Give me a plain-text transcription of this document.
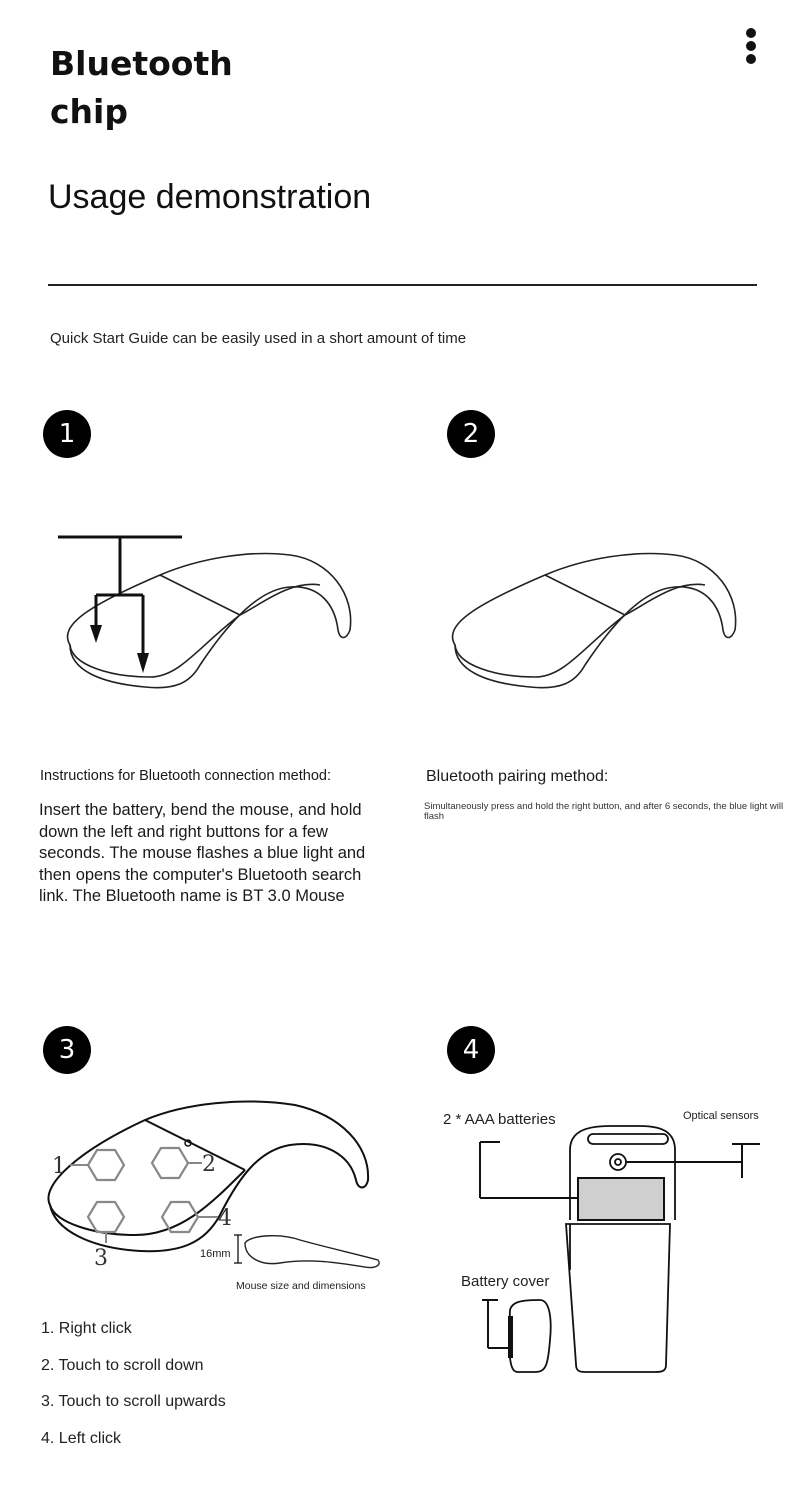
Bluetooth chip
Usage demonstration
Quick Start Guide can be easily used in a short amount of time
1	2
3	4
Instructions for Bluetooth connection method:
Insert the battery, bend the mouse, and hold down the left and right buttons for a few seconds. The mouse flashes a blue light and then opens the computer's Bluetooth search link. The Bluetooth name is BT 3.0 Mouse
Bluetooth pairing method:
Simultaneously press and hold the right button, and after 6 seconds, the blue light will flash
1	2
3
4
16mm
Mouse size and dimensions
1. Right click
2. Touch to scroll down
3. Touch to scroll upwards
4. Left click
2 * AAA batteries	Optical sensors
Battery cover
